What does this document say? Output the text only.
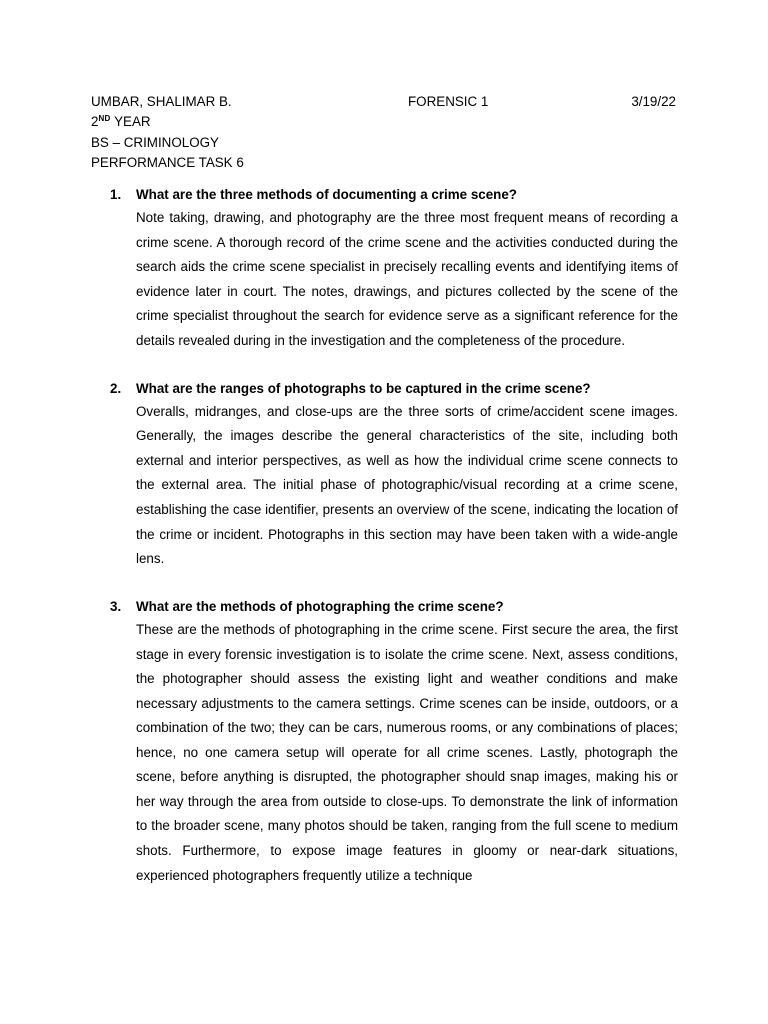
UMBAR, SHALIMAR B.	FORENSIC 1	3/19/22
2ND YEAR
BS – CRIMINOLOGY
PERFORMANCE TASK 6
1. What are the three methods of documenting a crime scene?
Note taking, drawing, and photography are the three most frequent means of recording a crime scene. A thorough record of the crime scene and the activities conducted during the search aids the crime scene specialist in precisely recalling events and identifying items of evidence later in court. The notes, drawings, and pictures collected by the scene of the crime specialist throughout the search for evidence serve as a significant reference for the details revealed during in the investigation and the completeness of the procedure.
2. What are the ranges of photographs to be captured in the crime scene?
Overalls, midranges, and close-ups are the three sorts of crime/accident scene images. Generally, the images describe the general characteristics of the site, including both external and interior perspectives, as well as how the individual crime scene connects to the external area. The initial phase of photographic/visual recording at a crime scene, establishing the case identifier, presents an overview of the scene, indicating the location of the crime or incident. Photographs in this section may have been taken with a wide-angle lens.
3. What are the methods of photographing the crime scene?
These are the methods of photographing in the crime scene. First secure the area, the first stage in every forensic investigation is to isolate the crime scene. Next, assess conditions, the photographer should assess the existing light and weather conditions and make necessary adjustments to the camera settings. Crime scenes can be inside, outdoors, or a combination of the two; they can be cars, numerous rooms, or any combinations of places; hence, no one camera setup will operate for all crime scenes. Lastly, photograph the scene, before anything is disrupted, the photographer should snap images, making his or her way through the area from outside to close-ups. To demonstrate the link of information to the broader scene, many photos should be taken, ranging from the full scene to medium shots. Furthermore, to expose image features in gloomy or near-dark situations, experienced photographers frequently utilize a technique
